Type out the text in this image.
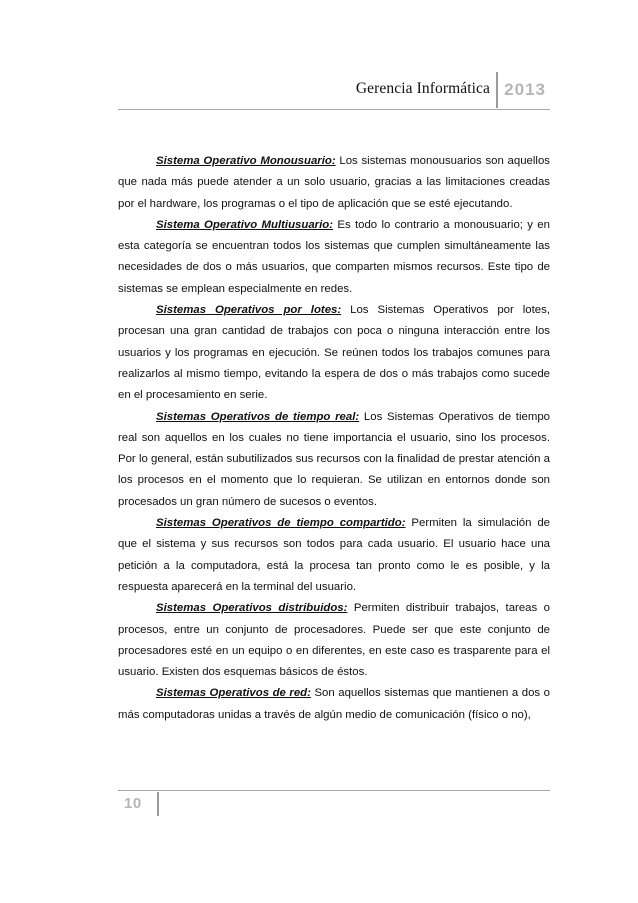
Gerencia Informática 2013

Sistema Operativo Monousuario: Los sistemas monousuarios son aquellos que nada más puede atender a un solo usuario, gracias a las limitaciones creadas por el hardware, los programas o el tipo de aplicación que se esté ejecutando.

Sistema Operativo Multiusuario: Es todo lo contrario a monousuario; y en esta categoría se encuentran todos los sistemas que cumplen simultáneamente las necesidades de dos o más usuarios, que comparten mismos recursos. Este tipo de sistemas se emplean especialmente en redes.

Sistemas Operativos por lotes: Los Sistemas Operativos por lotes, procesan una gran cantidad de trabajos con poca o ninguna interacción entre los usuarios y los programas en ejecución. Se reúnen todos los trabajos comunes para realizarlos al mismo tiempo, evitando la espera de dos o más trabajos como sucede en el procesamiento en serie.

Sistemas Operativos de tiempo real: Los Sistemas Operativos de tiempo real son aquellos en los cuales no tiene importancia el usuario, sino los procesos. Por lo general, están subutilizados sus recursos con la finalidad de prestar atención a los procesos en el momento que lo requieran. Se utilizan en entornos donde son procesados un gran número de sucesos o eventos.

Sistemas Operativos de tiempo compartido: Permiten la simulación de que el sistema y sus recursos son todos para cada usuario. El usuario hace una petición a la computadora, está la procesa tan pronto como le es posible, y la respuesta aparecerá en la terminal del usuario.

Sistemas Operativos distribuidos: Permiten distribuir trabajos, tareas o procesos, entre un conjunto de procesadores. Puede ser que este conjunto de procesadores esté en un equipo o en diferentes, en este caso es trasparente para el usuario. Existen dos esquemas básicos de éstos.

Sistemas Operativos de red: Son aquellos sistemas que mantienen a dos o más computadoras unidas a través de algún medio de comunicación (físico o no),

10
